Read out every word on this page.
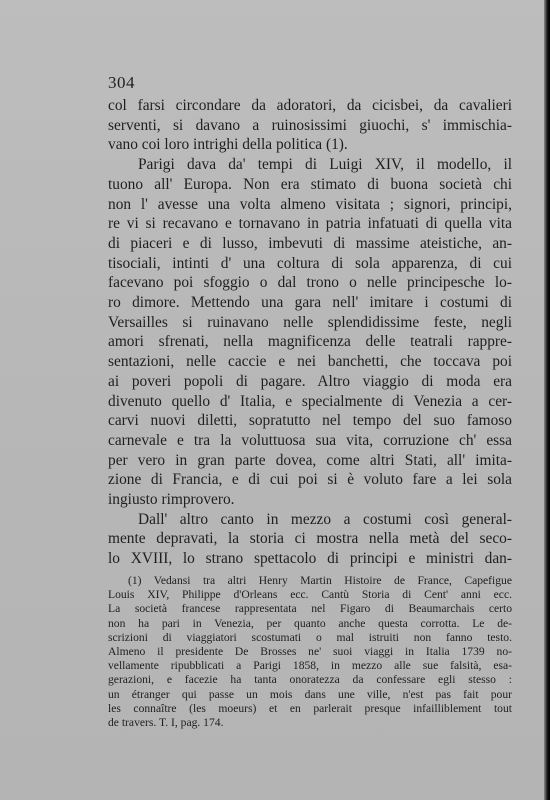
304
col farsi circondare da adoratori, da cicisbei, da cavalieri
serventi, si davano a ruinosissimi giuochi, s' immischia-
vano coi loro intrighi della politica (1).
Parigi dava da' tempi di Luigi XIV, il modello, il
tuono all' Europa. Non era stimato di buona società chi
non l' avesse una volta almeno visitata ; signori, principi,
re vi si recavano e tornavano in patria infatuati di quella vita
di piaceri e di lusso, imbevuti di massime ateistiche, an-
tisociali, intinti d' una coltura di sola apparenza, di cui
facevano poi sfoggio o dal trono o nelle principesche lo-
ro dimore. Mettendo una gara nell' imitare i costumi di
Versailles si ruinavano nelle splendidissime feste, negli
amori sfrenati, nella magnificenza delle teatrali rappre-
sentazioni, nelle caccie e nei banchetti, che toccava poi
ai poveri popoli di pagare. Altro viaggio di moda era
divenuto quello d' Italia, e specialmente di Venezia a cer-
carvi nuovi diletti, sopratutto nel tempo del suo famoso
carnevale e tra la voluttuosa sua vita, corruzione ch' essa
per vero in gran parte dovea, come altri Stati, all' imita-
zione di Francia, e di cui poi si è voluto fare a lei sola
ingiusto rimprovero.
Dall' altro canto in mezzo a costumi così general-
mente depravati, la storia ci mostra nella metà del seco-
lo XVIII, lo strano spettacolo di principi e ministri dan-
(1) Vedansi tra altri Henry Martin Histoire de France, Capefigue
Louis XIV, Philippe d'Orleans ecc. Cantù Storia di Cent' anni ecc.
La società francese rappresentata nel Figaro di Beaumarchais certo
non ha pari in Venezia, per quanto anche questa corrotta. Le de-
scrizioni di viaggiatori scostumati o mal istruiti non fanno testo.
Almeno il presidente De Brosses ne' suoi viaggi in Italia 1739 no-
vellamente ripubblicati a Parigi 1858, in mezzo alle sue falsità, esa-
gerazioni, e facezie ha tanta onoratezza da confessare egli stesso :
un étranger qui passe un mois dans une ville, n'est pas fait pour
les connaître (les moeurs) et en parlerait presque infailliblement tout
de travers. T. I, pag. 174.
